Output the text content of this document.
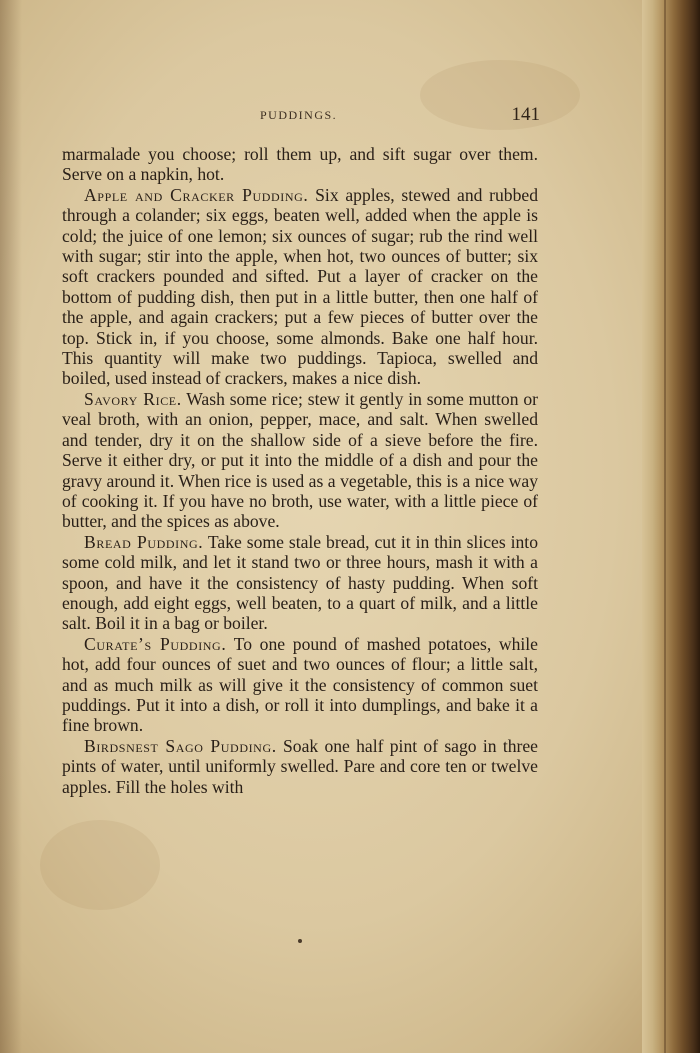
PUDDINGS.	141

marmalade you choose; roll them up, and sift sugar over them. Serve on a napkin, hot.

Apple and Cracker Pudding. Six apples, stewed and rubbed through a colander; six eggs, beaten well, added when the apple is cold; the juice of one lemon; six ounces of sugar; rub the rind well with sugar; stir into the apple, when hot, two ounces of butter; six soft crackers pounded and sifted. Put a layer of cracker on the bottom of pudding dish, then put in a little butter, then one half of the apple, and again crackers; put a few pieces of butter over the top. Stick in, if you choose, some almonds. Bake one half hour. This quantity will make two puddings. Tapioca, swelled and boiled, used instead of crackers, makes a nice dish.

Savory Rice. Wash some rice; stew it gently in some mutton or veal broth, with an onion, pepper, mace, and salt. When swelled and tender, dry it on the shallow side of a sieve before the fire. Serve it either dry, or put it into the middle of a dish and pour the gravy around it. When rice is used as a vegetable, this is a nice way of cooking it. If you have no broth, use water, with a little piece of butter, and the spices as above.

Bread Pudding. Take some stale bread, cut it in thin slices into some cold milk, and let it stand two or three hours, mash it with a spoon, and have it the consistency of hasty pudding. When soft enough, add eight eggs, well beaten, to a quart of milk, and a little salt. Boil it in a bag or boiler.

Curate’s Pudding. To one pound of mashed potatoes, while hot, add four ounces of suet and two ounces of flour; a little salt, and as much milk as will give it the consistency of common suet puddings. Put it into a dish, or roll it into dumplings, and bake it a fine brown.

Birdsnest Sago Pudding. Soak one half pint of sago in three pints of water, until uniformly swelled. Pare and core ten or twelve apples. Fill the holes with
